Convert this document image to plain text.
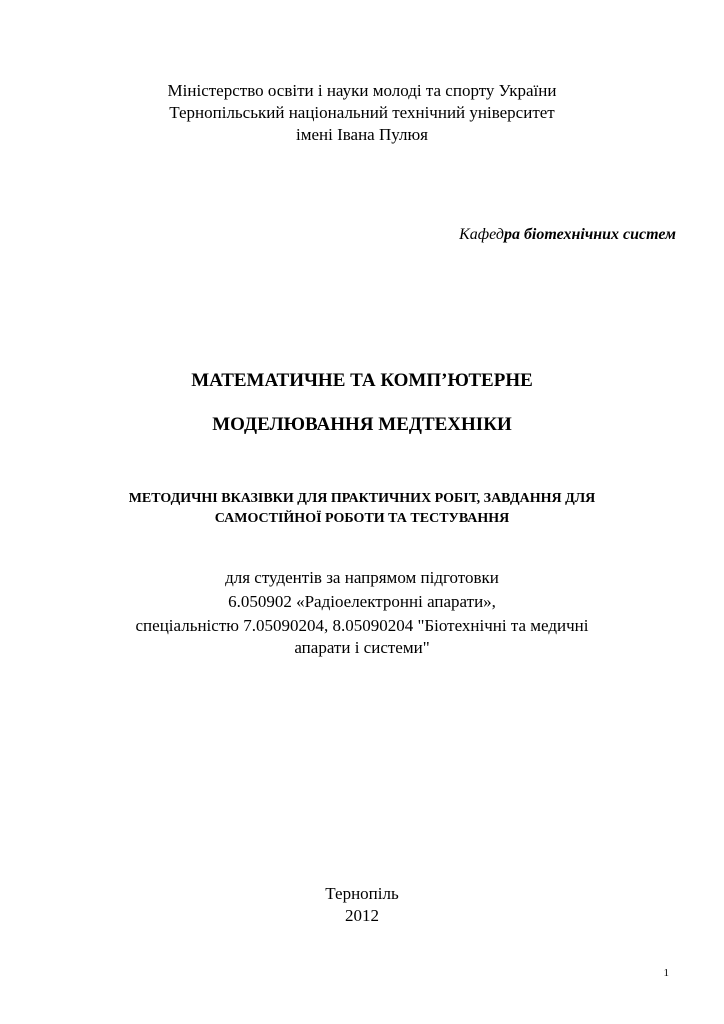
Міністерство освіти і науки молоді та спорту України
Тернопільський національний технічний університет
імені Івана Пулюя
Кафедра біотехнічних систем
МАТЕМАТИЧНЕ ТА КОМП’ЮТЕРНЕ
МОДЕЛЮВАННЯ МЕДТЕХНІКИ
МЕТОДИЧНІ ВКАЗІВКИ ДЛЯ ПРАКТИЧНИХ РОБІТ, ЗАВДАННЯ ДЛЯ
САМОСТІЙНОЇ РОБОТИ ТА ТЕСТУВАННЯ
для студентів за напрямом підготовки
6.050902 «Радіоелектронні апарати»,
спеціальністю 7.05090204, 8.05090204 "Біотехнічні та медичні
апарати і системи"
Тернопіль
2012
1
